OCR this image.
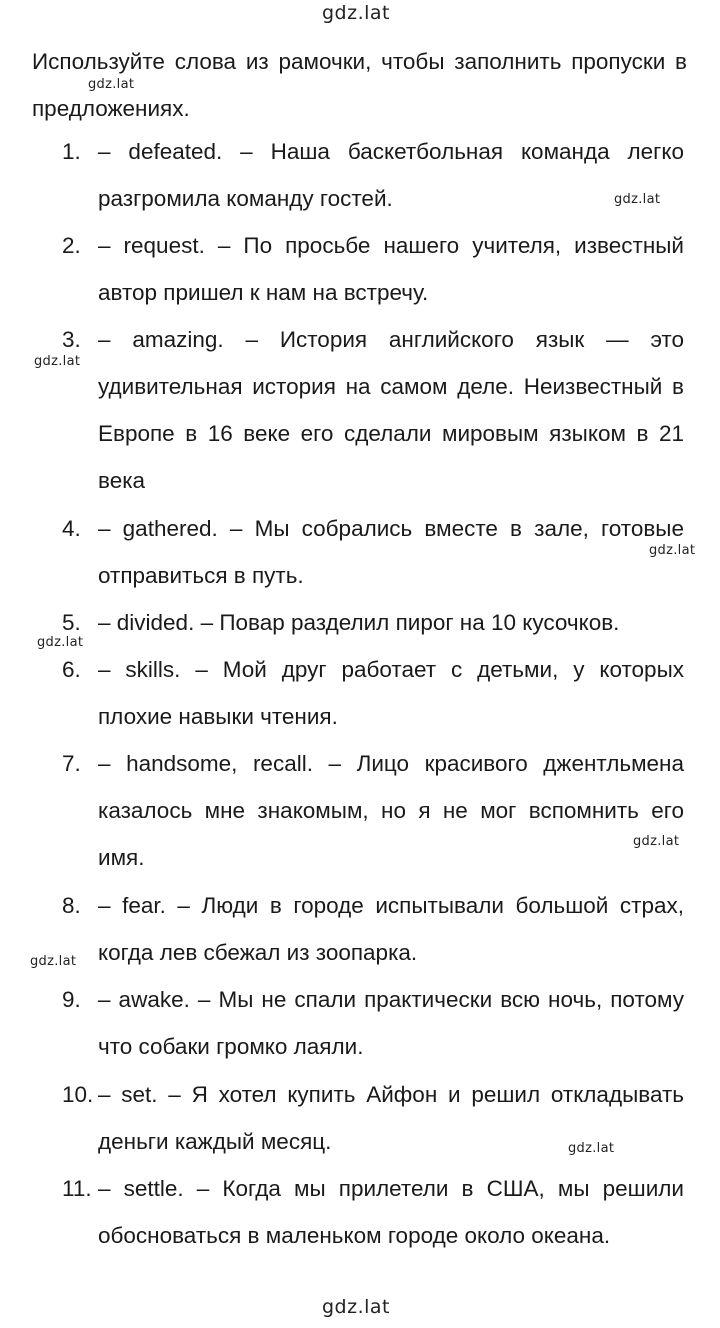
gdz.lat
gdz.lat
gdz.lat
gdz.lat
gdz.lat
gdz.lat
gdz.lat
gdz.lat
gdz.lat
gdz.lat
Используйте слова из рамочки, чтобы заполнить пропуски в предложениях.
1. – defeated. – Наша баскетбольная команда легко разгромила команду гостей.
2. – request. – По просьбе нашего учителя, известный автор пришел к нам на встречу.
3. – amazing. – История английского язык — это удивительная история на самом деле. Неизвестный в Европе в 16 веке его сделали мировым языком в 21 века
4. – gathered. – Мы собрались вместе в зале, готовые отправиться в путь.
5. – divided. – Повар разделил пирог на 10 кусочков.
6. – skills. – Мой друг работает с детьми, у которых плохие навыки чтения.
7. – handsome, recall. – Лицо красивого джентльмена казалось мне знакомым, но я не мог вспомнить его имя.
8. – fear. – Люди в городе испытывали большой страх, когда лев сбежал из зоопарка.
9. – awake. – Мы не спали практически всю ночь, потому что собаки громко лаяли.
10. – set. – Я хотел купить Айфон и решил откладывать деньги каждый месяц.
11. – settle. – Когда мы прилетели в США, мы решили обосноваться в маленьком городе около океана.
